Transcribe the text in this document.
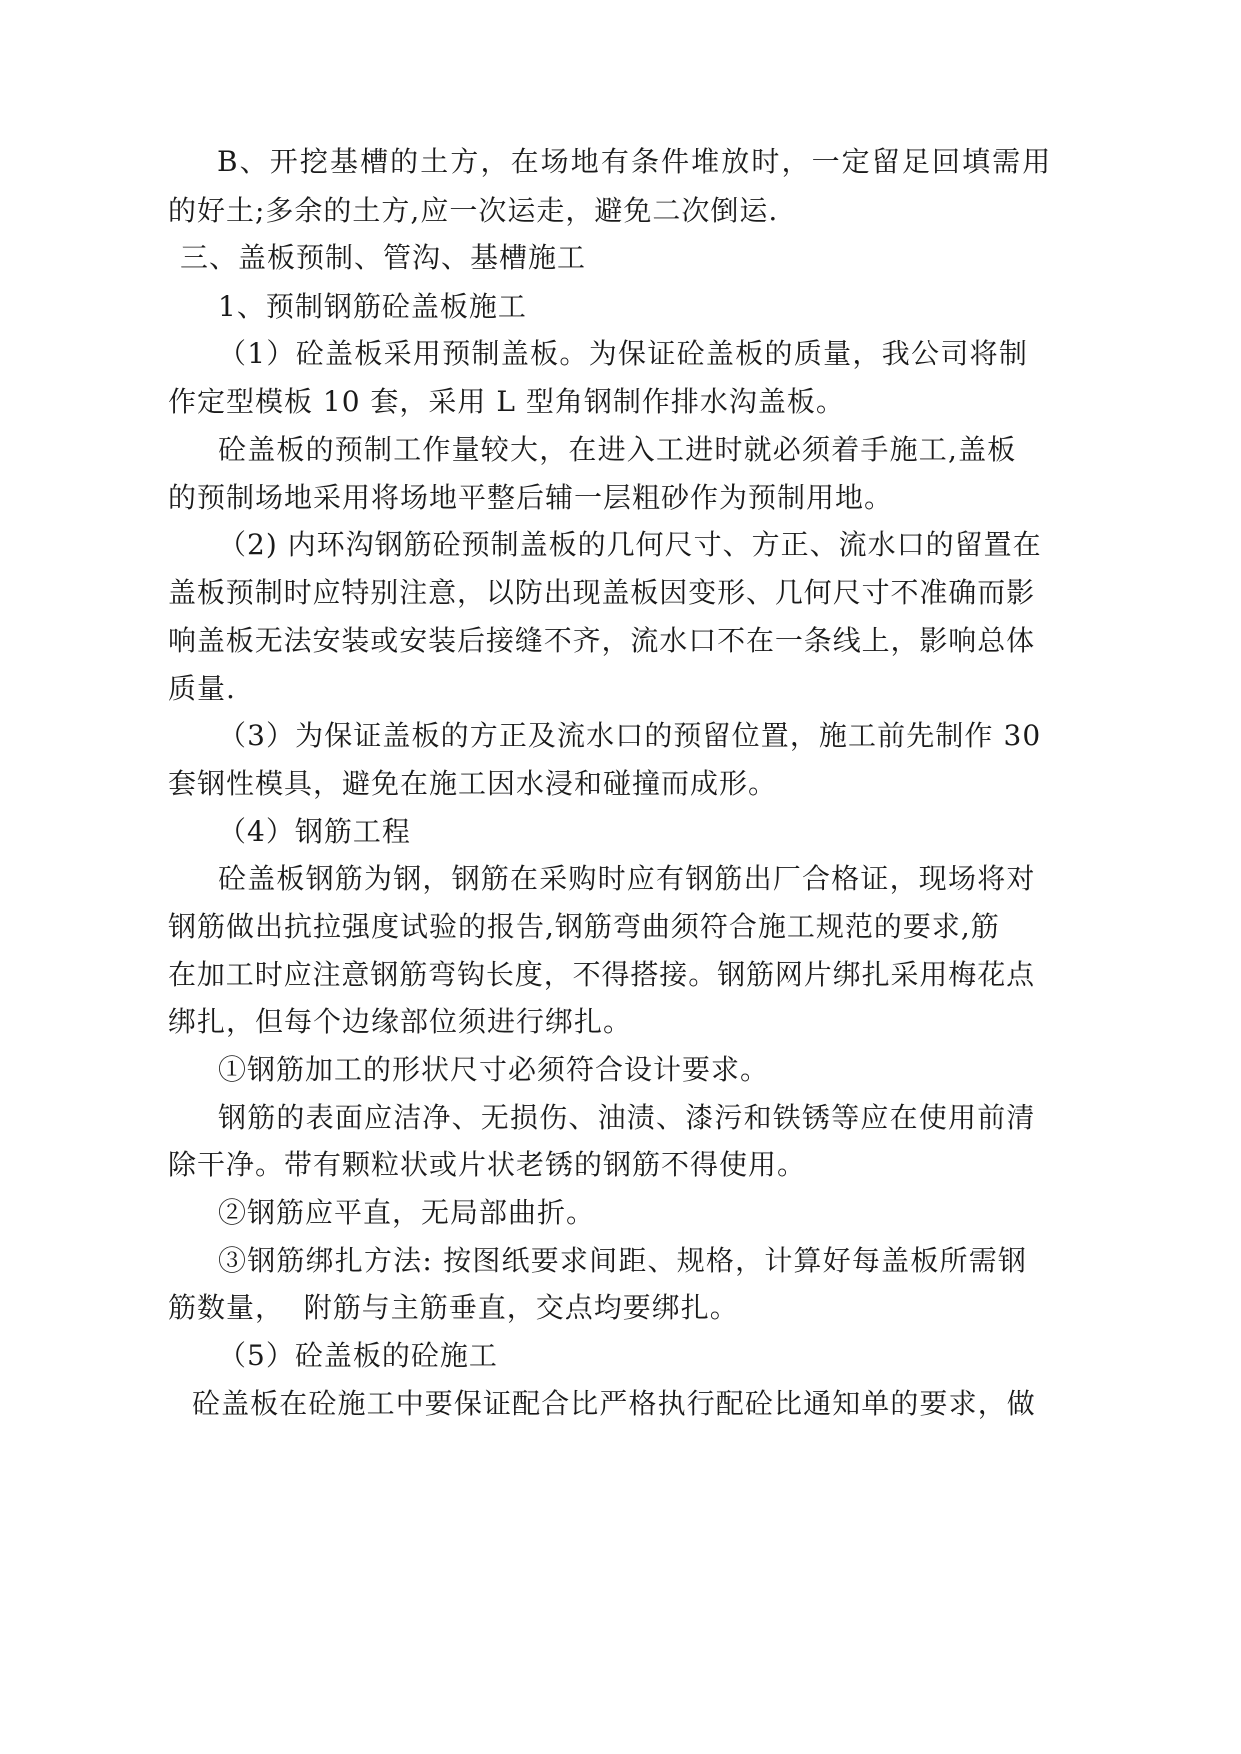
B、开挖基槽的土方，在场地有条件堆放时，一定留足回填需用
的好土;多余的土方,应一次运走，避免二次倒运.
三、盖板预制、管沟、基槽施工
1、预制钢筋砼盖板施工
（1）砼盖板采用预制盖板。为保证砼盖板的质量，我公司将制
作定型模板 10 套，采用 L 型角钢制作排水沟盖板。
砼盖板的预制工作量较大，在进入工进时就必须着手施工,盖板
的预制场地采用将场地平整后辅一层粗砂作为预制用地。
（2) 内环沟钢筋砼预制盖板的几何尺寸、方正、流水口的留置在
盖板预制时应特别注意，以防出现盖板因变形、几何尺寸不准确而影
响盖板无法安装或安装后接缝不齐，流水口不在一条线上，影响总体
质量.
（3）为保证盖板的方正及流水口的预留位置，施工前先制作 30
套钢性模具，避免在施工因水浸和碰撞而成形。
（4）钢筋工程
砼盖板钢筋为钢，钢筋在采购时应有钢筋出厂合格证，现场将对
钢筋做出抗拉强度试验的报告,钢筋弯曲须符合施工规范的要求,筋
在加工时应注意钢筋弯钩长度，不得搭接。钢筋网片绑扎采用梅花点
绑扎，但每个边缘部位须进行绑扎。
①钢筋加工的形状尺寸必须符合设计要求。
钢筋的表面应洁净、无损伤、油渍、漆污和铁锈等应在使用前清
除干净。带有颗粒状或片状老锈的钢筋不得使用。
②钢筋应平直，无局部曲折。
③钢筋绑扎方法: 按图纸要求间距、规格，计算好每盖板所需钢
筋数量，  附筋与主筋垂直，交点均要绑扎。
（5）砼盖板的砼施工
砼盖板在砼施工中要保证配合比严格执行配砼比通知单的要求，做
